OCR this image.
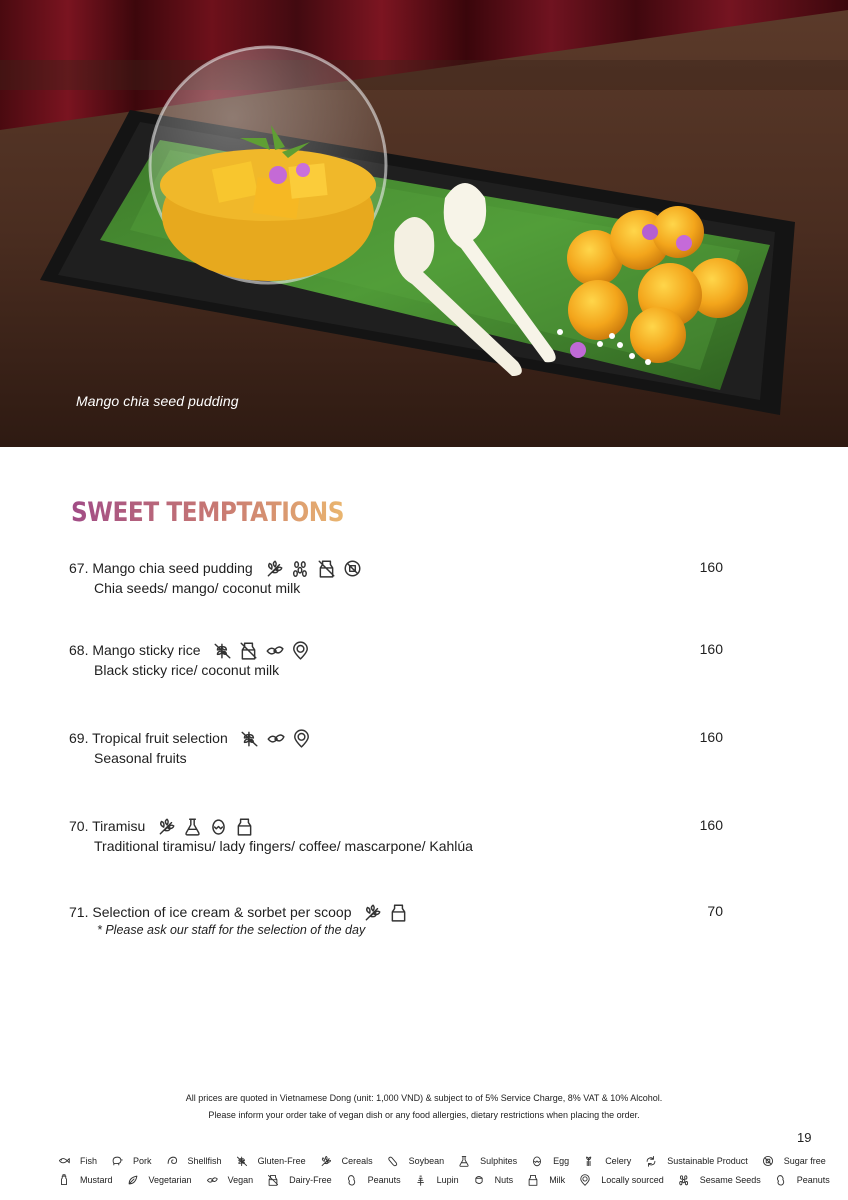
Mango chia seed pudding
SWEET TEMPTATIONS
67. Mango chia seed pudding	160
Chia seeds/ mango/ coconut milk
68. Mango sticky rice	160
Black sticky rice/ coconut milk
69. Tropical fruit selection	160
Seasonal fruits
70. Tiramisu	160
Traditional tiramisu/ lady fingers/ coffee/ mascarpone/ Kahlúa
71. Selection of ice cream & sorbet per scoop	70
* Please ask our staff for the selection of the day
All prices are quoted in Vietnamese Dong (unit: 1,000 VND) & subject to of 5% Service Charge, 8% VAT & 10% Alcohol.
Please inform your order take of vegan dish or any food allergies, dietary restrictions when placing the order.
19
Fish	Pork	Shellfish	Gluten-Free	Cereals	Soybean	Sulphites	Egg	Celery	Sustainable Product	Sugar free
Mustard	Vegetarian	Vegan	Dairy-Free	Peanuts	Lupin	Nuts	Milk	Locally sourced	Sesame Seeds	Peanuts
